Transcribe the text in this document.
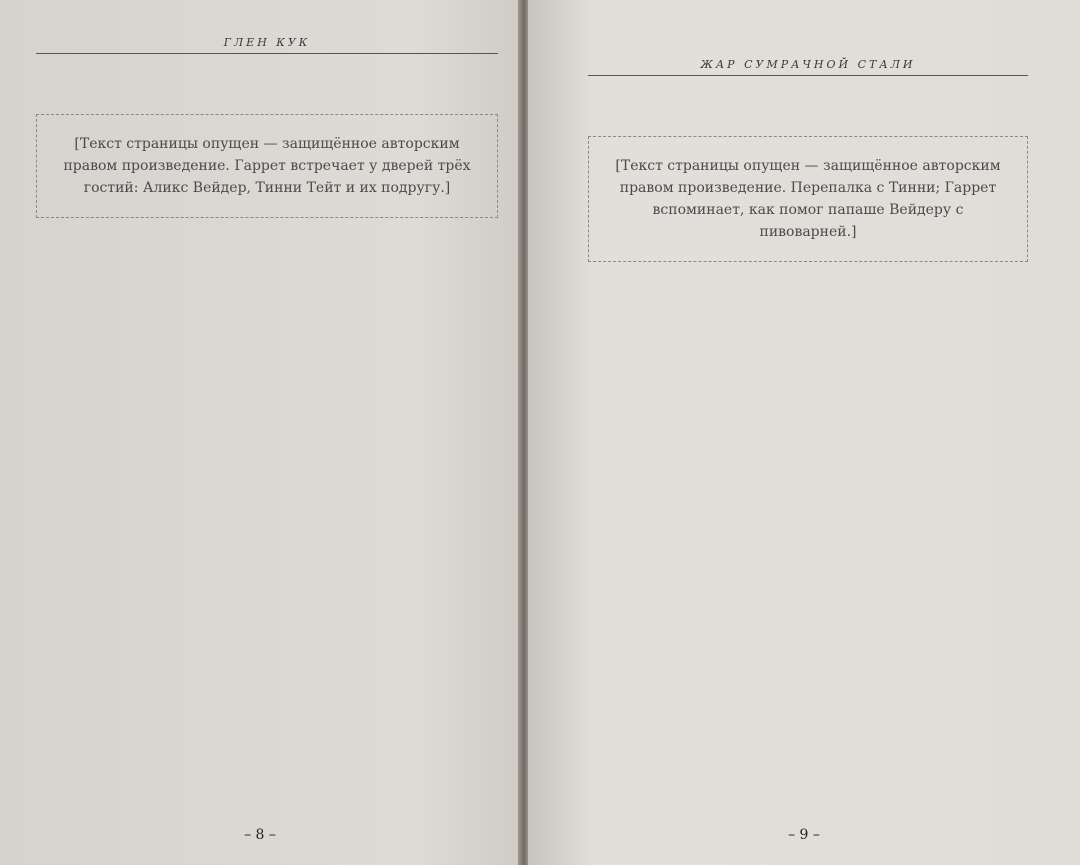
ГЛЕН КУК
[Текст страницы опущен — защищённое авторским правом произведение. Гаррет встречает у дверей трёх гостий: Аликс Вейдер, Тинни Тейт и их подругу.]
– 8 –
ЖАР СУМРАЧНОЙ СТАЛИ
[Текст страницы опущен — защищённое авторским правом произведение. Перепалка с Тинни; Гаррет вспоминает, как помог папаше Вейдеру с пивоварней.]
– 9 –
